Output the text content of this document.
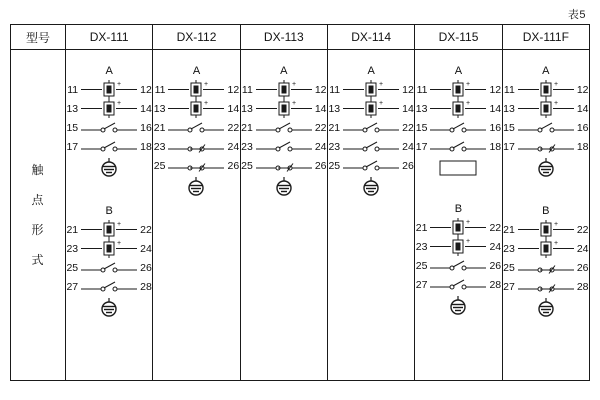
表5
型号	DX-111	DX-112	DX-113	DX-114	DX-115	DX-111F

触
点
形
式

A
11	+ 12
13	+ 14
15	16
17	18
B
21	+ 22
23	+ 24
25	26
27	28

A
11	+ 12
13	+ 14
21	22
23	24
25	26

A
11	+ 12
13	+ 14
21	22
23	24
25	26

A
11	+ 12
13	+ 14
21	22
23	24
25	26

A
11	+ 12
13	+ 14
15	16
17	18
B
21	+ 22
23	+ 24
25	26
27	28

A
11	+ 12
13	+ 14
15	16
17	18
B
21	+ 22
23	+ 24
25	26
27	28
